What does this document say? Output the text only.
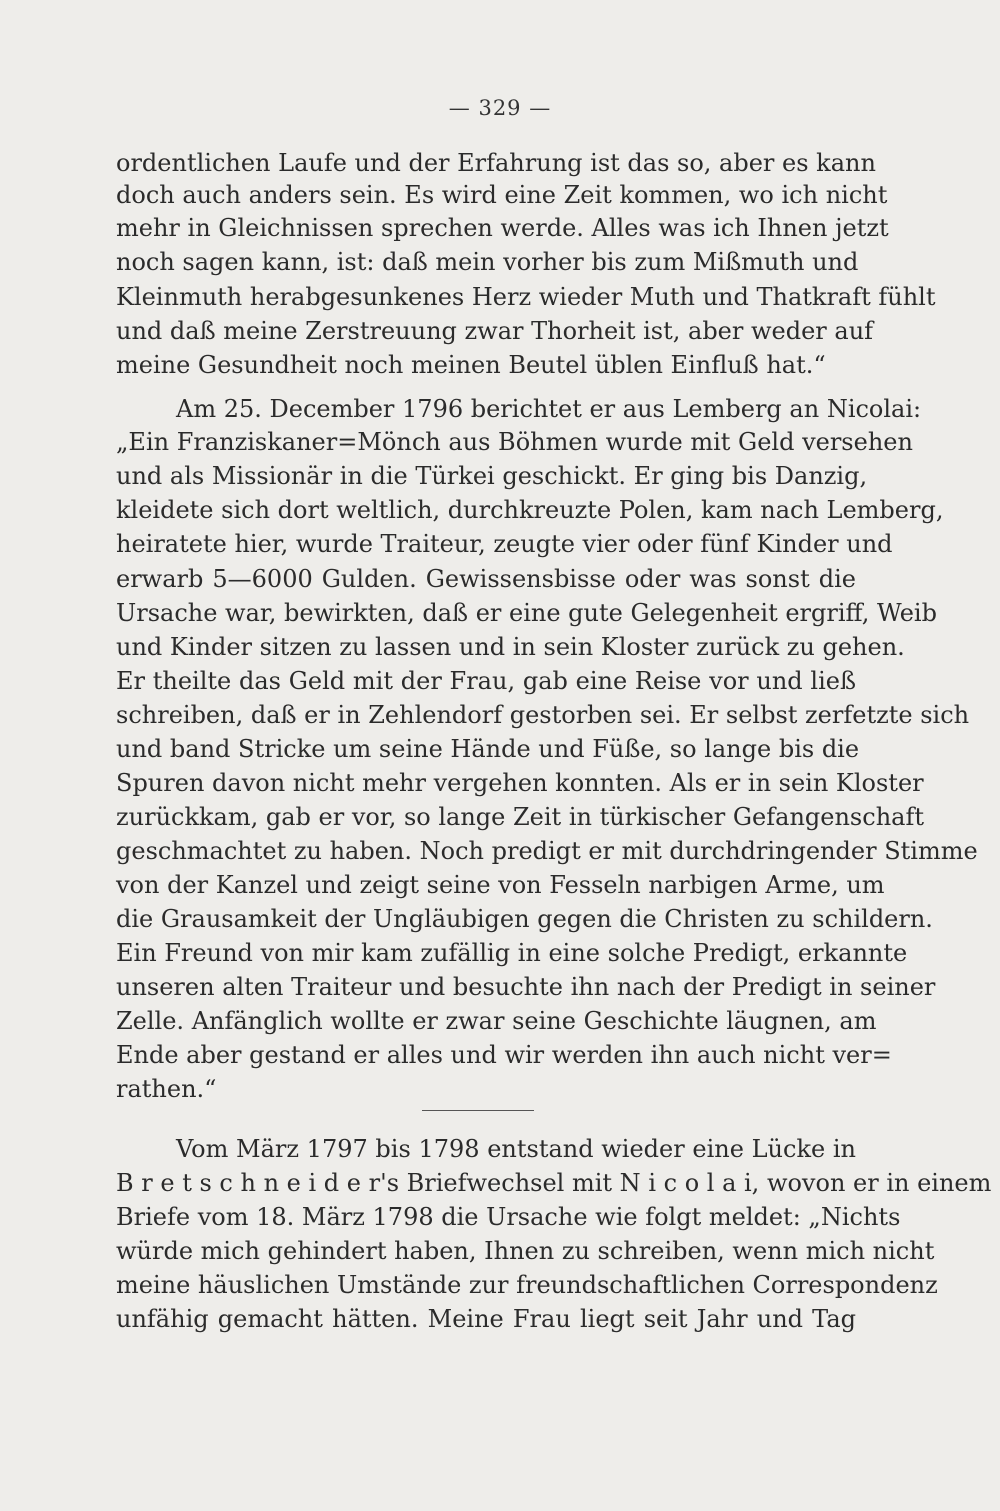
— 329 —
ordentlichen Laufe und der Erfahrung ist das so, aber es kann
doch auch anders sein. Es wird eine Zeit kommen, wo ich nicht
mehr in Gleichnissen sprechen werde. Alles was ich Ihnen jetzt
noch sagen kann, ist: daß mein vorher bis zum Mißmuth und
Kleinmuth herabgesunkenes Herz wieder Muth und Thatkraft fühlt
und daß meine Zerstreuung zwar Thorheit ist, aber weder auf
meine Gesundheit noch meinen Beutel üblen Einfluß hat.“
Am 25. December 1796 berichtet er aus Lemberg an Nicolai:
„Ein Franziskaner=Mönch aus Böhmen wurde mit Geld versehen
und als Missionär in die Türkei geschickt. Er ging bis Danzig,
kleidete sich dort weltlich, durchkreuzte Polen, kam nach Lemberg,
heiratete hier, wurde Traiteur, zeugte vier oder fünf Kinder und
erwarb 5—6000 Gulden. Gewissensbisse oder was sonst die
Ursache war, bewirkten, daß er eine gute Gelegenheit ergriff, Weib
und Kinder sitzen zu lassen und in sein Kloster zurück zu gehen.
Er theilte das Geld mit der Frau, gab eine Reise vor und ließ
schreiben, daß er in Zehlendorf gestorben sei. Er selbst zerfetzte sich
und band Stricke um seine Hände und Füße, so lange bis die
Spuren davon nicht mehr vergehen konnten. Als er in sein Kloster
zurückkam, gab er vor, so lange Zeit in türkischer Gefangenschaft
geschmachtet zu haben. Noch predigt er mit durchdringender Stimme
von der Kanzel und zeigt seine von Fesseln narbigen Arme, um
die Grausamkeit der Ungläubigen gegen die Christen zu schildern.
Ein Freund von mir kam zufällig in eine solche Predigt, erkannte
unseren alten Traiteur und besuchte ihn nach der Predigt in seiner
Zelle. Anfänglich wollte er zwar seine Geschichte läugnen, am
Ende aber gestand er alles und wir werden ihn auch nicht ver=
rathen.“
Vom März 1797 bis 1798 entstand wieder eine Lücke in
B r e t s c h n e i d e r's Briefwechsel mit N i c o l a i, wovon er in einem
Briefe vom 18. März 1798 die Ursache wie folgt meldet: „Nichts
würde mich gehindert haben, Ihnen zu schreiben, wenn mich nicht
meine häuslichen Umstände zur freundschaftlichen Correspondenz
unfähig gemacht hätten. Meine Frau liegt seit Jahr und Tag
